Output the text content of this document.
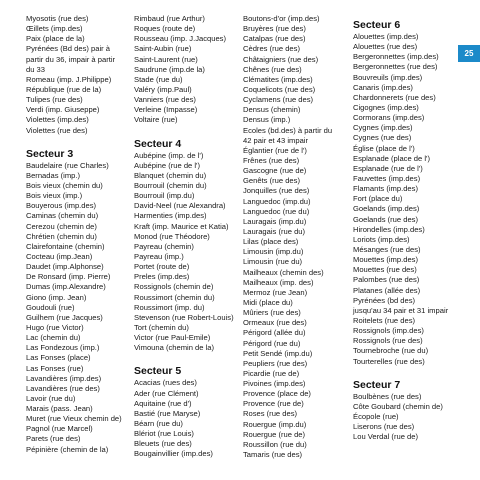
Myosotis (rue des)
Œillets (imp.des)
Paix (place de la)
Pyrénées (Bd des) pair à
partir du 36, impair à partir
du 33
Romeau (imp. J.Philippe)
République (rue de la)
Tulipes (rue des)
Verdi (imp. Giuseppe)
Violettes (imp.des)
Violettes (rue des)
Secteur 3
Baudelaire (rue Charles)
Bernadas (imp.)
Bois vieux (chemin du)
Bois vieux (imp.)
Bouyerous (imp.des)
Caminas (chemin du)
Cerezou (chemin de)
Chrétien (chemin du)
Clairefontaine (chemin)
Cocteau (imp.Jean)
Daudet (imp.Alphonse)
De Ronsard (imp. Pierre)
Dumas (imp.Alexandre)
Giono (imp. Jean)
Goudouli (rue)
Guilhem (rue Jacques)
Hugo (rue Victor)
Lac (chemin du)
Las Fondezous (imp.)
Las Fonses (place)
Las Fonses (rue)
Lavandières (imp.des)
Lavandières (rue des)
Lavoir (rue du)
Marais (pass. Jean)
Muret (rue Vieux chemin de)
Pagnol (rue Marcel)
Parets (rue des)
Pépinière (chemin de la)
Rimbaud (rue Arthur)
Roques (route de)
Rousseau (imp. J.Jacques)
Saint-Aubin (rue)
Saint-Laurent (rue)
Saudrune (imp.de la)
Stade (rue du)
Valéry (imp.Paul)
Vanniers (rue des)
Verleine (Impasse)
Voltaire (rue)
Secteur 4
Aubépine (imp. de l')
Aubépine (rue de l')
Blanquet (chemin du)
Bourrouil (chemin du)
Bourrouil (imp.du)
David-Neel (rue Alexandra)
Harmenties (imp.des)
Kraft (imp. Maurice et Katia)
Monod (rue Théodore)
Payreau (chemin)
Payreau (imp.)
Portet (route de)
Preles (imp.des)
Rossignols (chemin de)
Roussimort (chemin du)
Roussimort (imp. du)
Stevenson (rue Robert-Louis)
Tort (chemin du)
Victor (rue Paul-Emile)
Vimouna (chemin de la)
Secteur 5
Acacias (rues des)
Ader (rue Clément)
Aquitaine (rue d')
Bastié (rue Maryse)
Béarn (rue du)
Blériot (rue Louis)
Bleuets (rue des)
Bougainvillier (imp.des)
Boutons-d'or (imp.des)
Bruyères (rue des)
Catalpas (rue des)
Cèdres (rue des)
Châtaigniers (rue des)
Chênes (rue des)
Clématites (imp.des)
Coquelicots (rue des)
Cyclamens (rue des)
Densus (chemin)
Densus (imp.)
Ecoles (bd.des) à partir du
42 pair et 43 impair
Églantier (rue de l')
Frênes (rue des)
Gascogne (rue de)
Genêts (rue des)
Jonquilles (rue des)
Languedoc (imp.du)
Languedoc (rue du)
Lauragais (imp.du)
Lauragais (rue du)
Lilas (place des)
Limousin (imp.du)
Limousin (rue du)
Mailheaux (chemin des)
Mailheaux (imp. des)
Mermoz (rue Jean)
Midi (place du)
Mûriers (rue des)
Ormeaux (rue des)
Périgord (allée du)
Périgord (rue du)
Petit Sendé (imp.du)
Peupliers (rue des)
Picardie (rue de)
Pivoines (imp.des)
Provence (place de)
Provence (rue de)
Roses (rue des)
Rouergue (imp.du)
Rouergue (rue de)
Roussillon (rue du)
Tamaris (rue des)
Secteur 6
Alouettes (imp.des)
Alouettes (rue des)
Bergeronnettes (imp.des)
Bergeronnettes (rue des)
Bouvreuils (imp.des)
Canaris (imp.des)
Chardonnerets (rue des)
Cigognes (imp.des)
Cormorans (imp.des)
Cygnes (imp.des)
Cygnes (rue des)
Église (place de l')
Esplanade (place de l')
Esplanade (rue de l')
Fauvettes (imp.des)
Flamants (imp.des)
Fort (place du)
Goelands (imp.des)
Goelands (rue des)
Hirondelles (imp.des)
Loriots (imp.des)
Mésanges (rue des)
Mouettes (imp.des)
Mouettes (rue des)
Palombes (rue des)
Platanes (allée des)
Pyrénées (bd des)
jusqu'au 34 pair et 31 impair
Roitelets (rue des)
Rossignols (imp.des)
Rossignols (rue des)
Tournebroche (rue du)
Tourterelles (rue des)
Secteur 7
Boulbènes (rue des)
Côte Goubard (chemin de)
Écopole (rue)
Liserons (rue des)
Lou Verdal (rue de)
25
